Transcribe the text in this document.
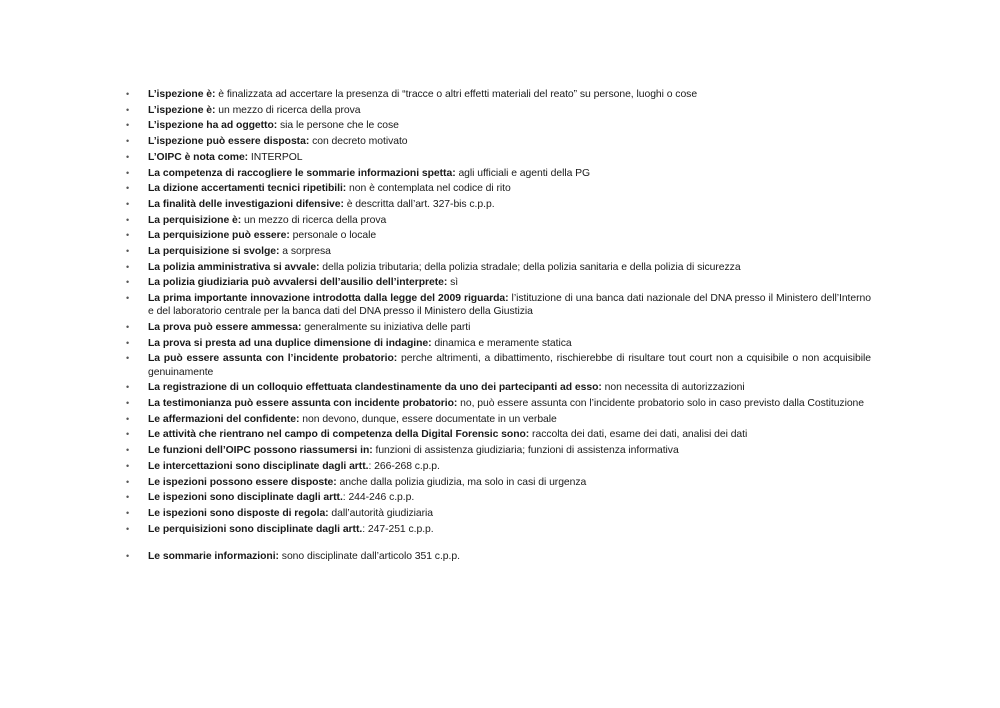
•	L’ispezione è: è finalizzata ad accertare la presenza di “tracce o altri effetti materiali del reato” su persone, luoghi o cose
•	L’ispezione è: un mezzo di ricerca della prova
•	L’ispezione ha ad oggetto: sia le persone che le cose
•	L’ispezione può essere disposta: con decreto motivato
•	L’OIPC è nota come: INTERPOL
•	La competenza di raccogliere le sommarie informazioni spetta: agli ufficiali e agenti della PG
•	La dizione accertamenti tecnici ripetibili: non è contemplata nel codice di rito
•	La finalità delle investigazioni difensive: è descritta dall’art. 327-bis c.p.p.
•	La perquisizione è: un mezzo di ricerca della prova
•	La perquisizione può essere: personale o locale
•	La perquisizione si svolge: a sorpresa
•	La polizia amministrativa si avvale: della polizia tributaria; della polizia stradale; della polizia sanitaria e della polizia di sicurezza
•	La polizia giudiziaria può avvalersi dell’ausilio dell’interprete: sì
•	La prima importante innovazione introdotta dalla legge del 2009 riguarda: l’istituzione di una banca dati nazionale del DNA presso il Ministero dell’Interno e del laboratorio centrale per la banca dati del DNA presso il Ministero della Giustizia
•	La prova può essere ammessa: generalmente su iniziativa delle parti
•	La prova si presta ad una duplice dimensione di indagine: dinamica e meramente statica
•	La può essere assunta con l’incidente probatorio: perche altrimenti, a dibattimento, rischierebbe di risultare tout court non a cquisibile o non acquisibile genuinamente
•	La registrazione di un colloquio effettuata clandestinamente da uno dei partecipanti ad esso: non necessita di autorizzazioni
•	La testimonianza può essere assunta con incidente probatorio: no, può essere assunta con l’incidente probatorio solo in caso previsto dalla Costituzione
•	Le affermazioni del confidente: non devono, dunque, essere documentate in un verbale
•	Le attività che rientrano nel campo di competenza della Digital Forensic sono: raccolta dei dati, esame dei dati, analisi dei dati
•	Le funzioni dell’OIPC possono riassumersi in: funzioni di assistenza giudiziaria; funzioni di assistenza informativa
•	Le intercettazioni sono disciplinate dagli artt.: 266-268 c.p.p.
•	Le ispezioni possono essere disposte: anche dalla polizia giudizia, ma solo in casi di urgenza
•	Le ispezioni sono disciplinate dagli artt.: 244-246 c.p.p.
•	Le ispezioni sono disposte di regola: dall’autorità giudiziaria
•	Le perquisizioni sono disciplinate dagli artt.: 247-251 c.p.p.
•	Le sommarie informazioni: sono disciplinate dall’articolo 351 c.p.p.
